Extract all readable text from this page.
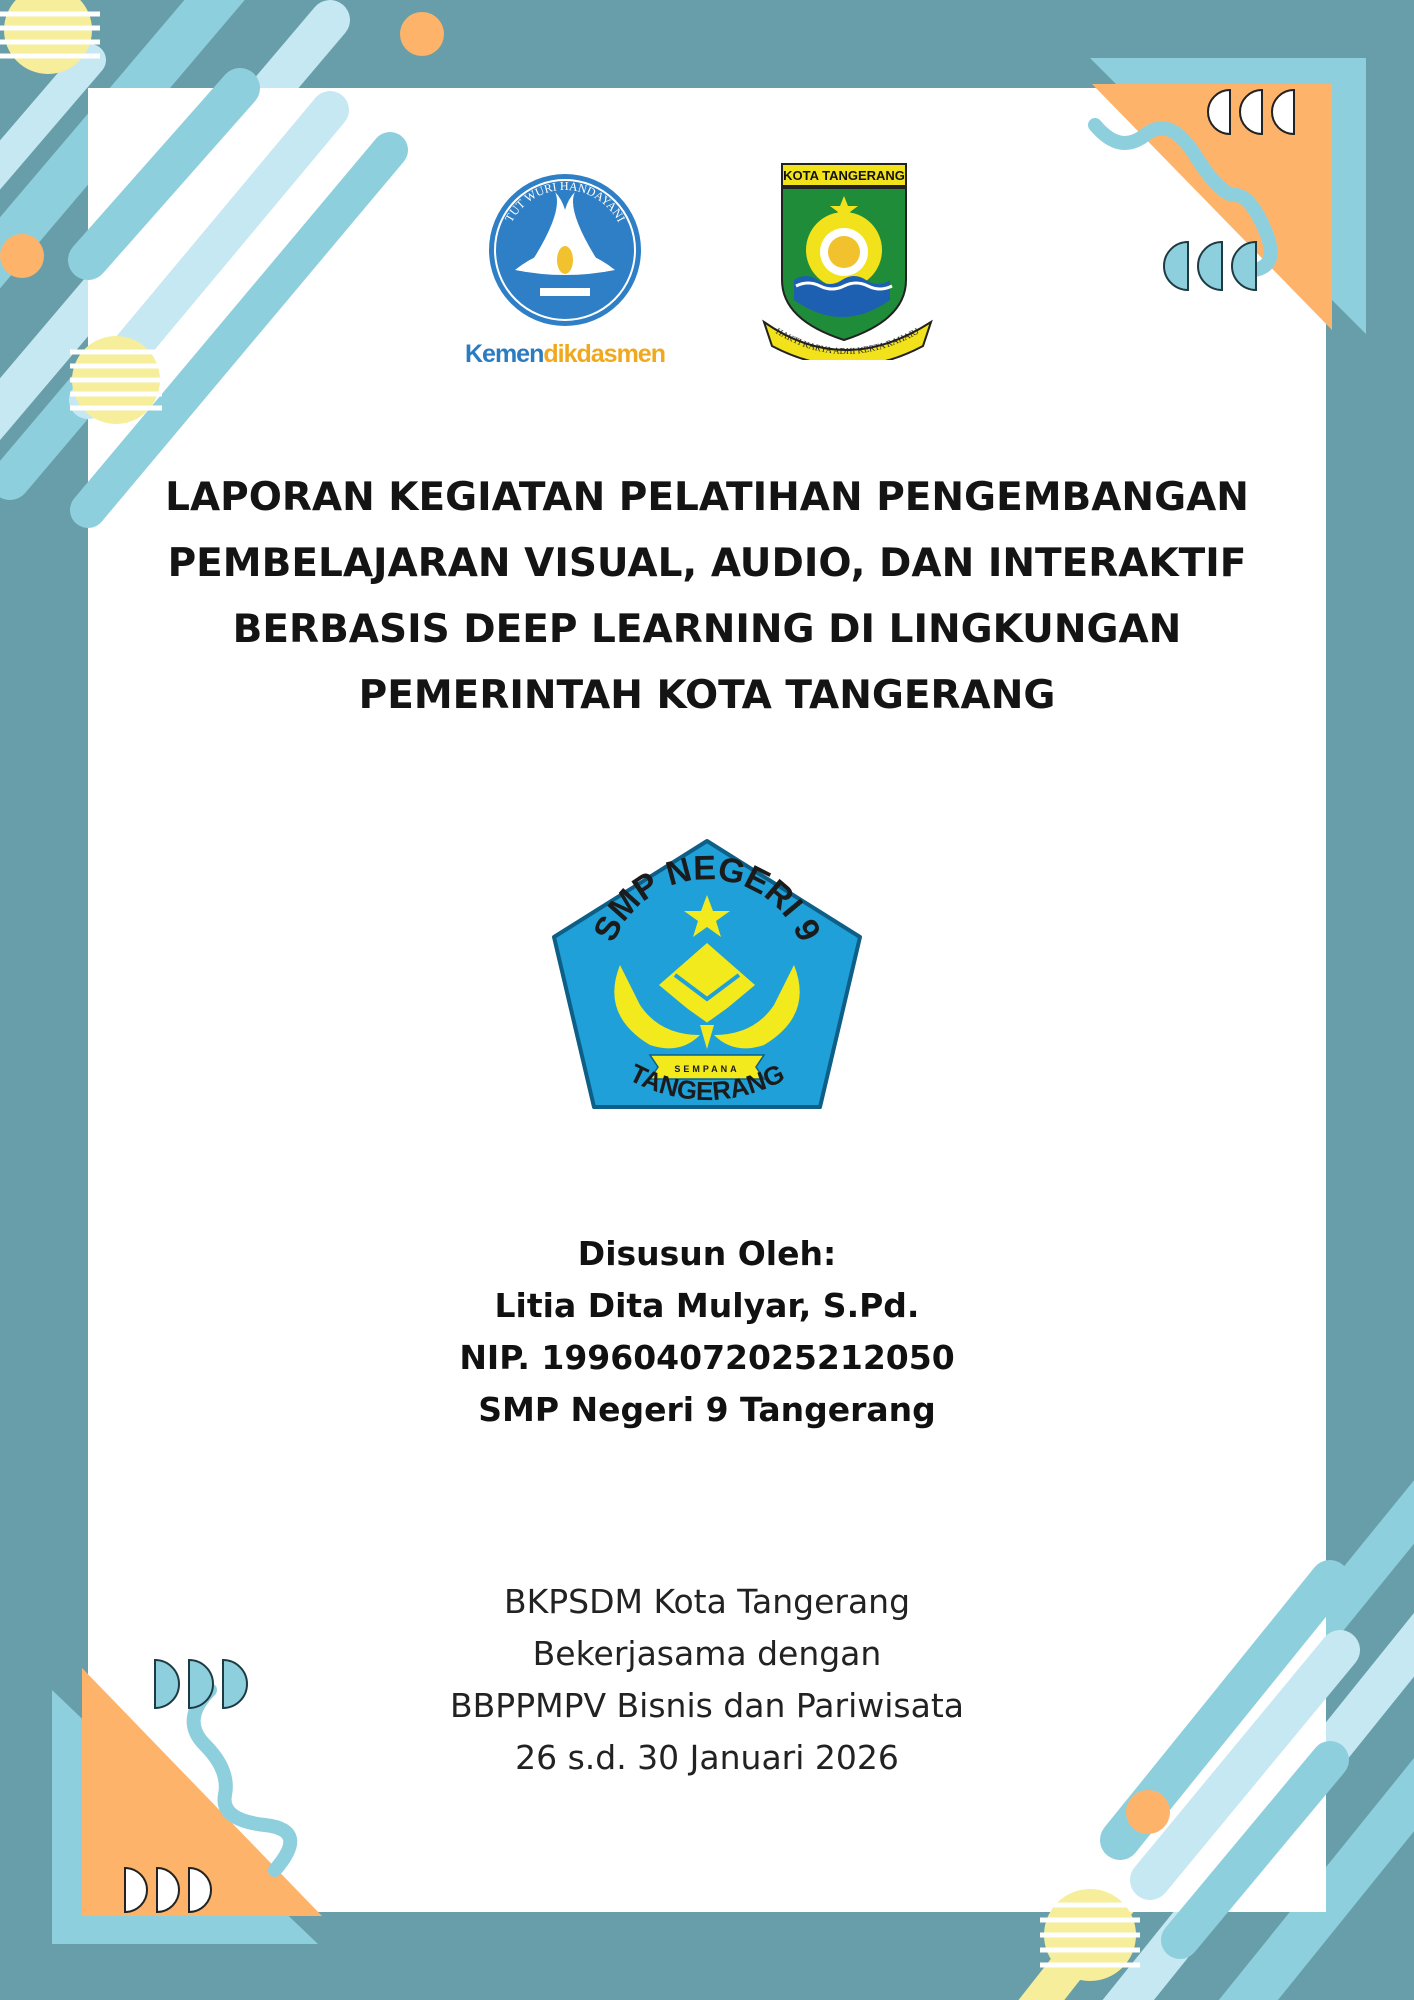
TUT WURI HANDAYANI
Kemendikdasmen
KOTA TANGERANG
HAKTI KARYA ADHI KERTA RAHARJ
LAPORAN KEGIATAN PELATIHAN PENGEMBANGAN
PEMBELAJARAN VISUAL, AUDIO, DAN INTERAKTIF
BERBASIS DEEP LEARNING DI LINGKUNGAN
PEMERINTAH KOTA TANGERANG
SMP NEGERI 9
SEMPANA
TANGERANG
Disusun Oleh:
Litia Dita Mulyar, S.Pd.
NIP. 199604072025212050
SMP Negeri 9 Tangerang
BKPSDM Kota Tangerang
Bekerjasama dengan
BBPPMPV Bisnis dan Pariwisata
26 s.d. 30 Januari 2026
